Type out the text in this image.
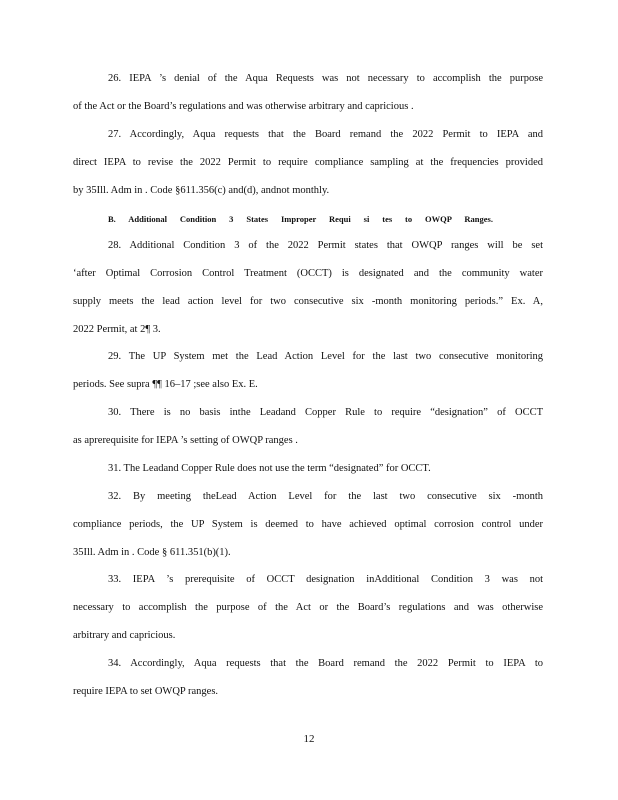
26. IEPA ’s denial of the Aqua Requests was not necessary to accomplish the purpose
of the Act or the Board’s regulations and was otherwise arbitrary and capricious .
27. Accordingly, Aqua requests that the Board remand the 2022 Permit to IEPA and
direct IEPA to revise the 2022 Permit to require compliance sampling at the frequencies provided
by 35Ill. Adm in . Code §611.356(c) and(d), andnot monthly.
B. Additional Condition 3 States Improper Requi si tes to OWQP Ranges.
28. Additional Condition 3 of the 2022 Permit states that OWQP ranges will be set
‘after Optimal Corrosion Control Treatment (OCCT) is designated and the community water
supply meets the lead action level for two consecutive six -month monitoring periods.” Ex. A,
2022 Permit, at 2¶ 3.
29. The UP System met the Lead Action Level for the last two consecutive monitoring
periods. See supra ¶¶ 16–17 ;see also Ex. E.
30. There is no basis inthe Leadand Copper Rule to require “designation” of OCCT
as aprerequisite for IEPA ’s setting of OWQP ranges .
31. The Leadand Copper Rule does not use the term “designated” for OCCT.
32. By meeting theLead Action Level for the last two consecutive six -month
compliance periods, the UP System is deemed to have achieved optimal corrosion control under
35Ill. Adm in . Code § 611.351(b)(1).
33. IEPA ’s prerequisite of OCCT designation inAdditional Condition 3 was not
necessary to accomplish the purpose of the Act or the Board’s regulations and was otherwise
arbitrary and capricious.
34. Accordingly, Aqua requests that the Board remand the 2022 Permit to IEPA to
require IEPA to set OWQP ranges.
12
